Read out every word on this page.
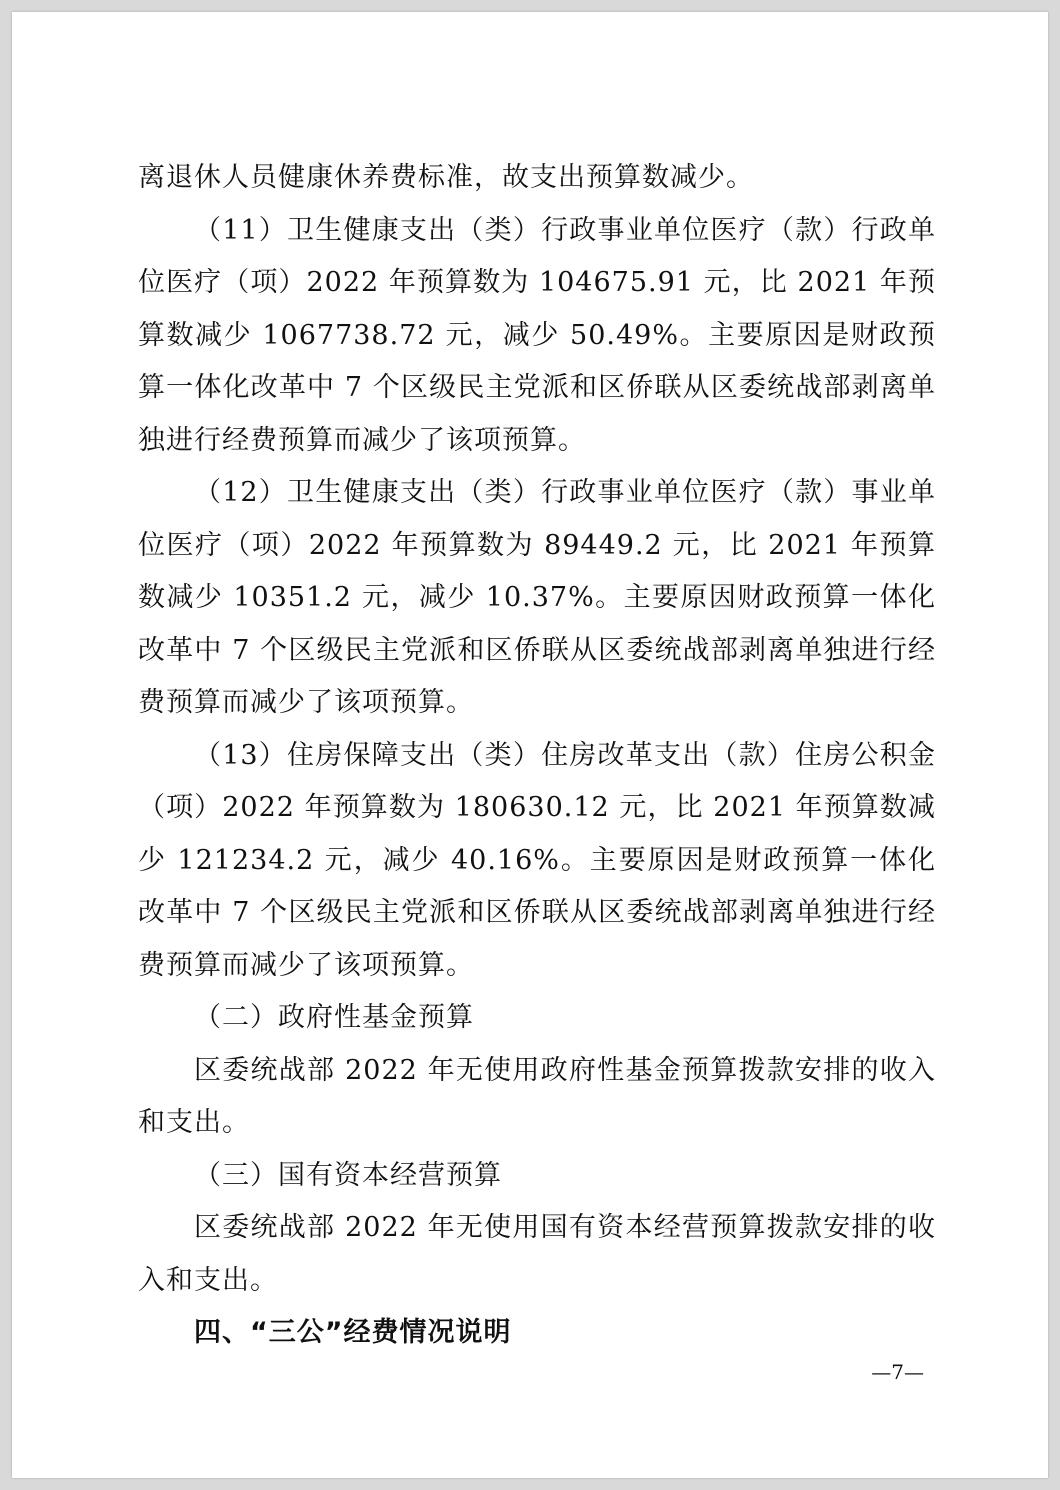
离退休人员健康休养费标准，故支出预算数减少。

（11）卫生健康支出（类）行政事业单位医疗（款）行政单位医疗（项）2022 年预算数为 104675.91 元，比 2021 年预算数减少 1067738.72 元，减少 50.49%。主要原因是财政预算一体化改革中 7 个区级民主党派和区侨联从区委统战部剥离单独进行经费预算而减少了该项预算。

（12）卫生健康支出（类）行政事业单位医疗（款）事业单位医疗（项）2022 年预算数为 89449.2 元，比 2021 年预算数减少 10351.2 元，减少 10.37%。主要原因财政预算一体化改革中 7 个区级民主党派和区侨联从区委统战部剥离单独进行经费预算而减少了该项预算。

（13）住房保障支出（类）住房改革支出（款）住房公积金（项）2022 年预算数为 180630.12 元，比 2021 年预算数减少 121234.2 元，减少 40.16%。主要原因是财政预算一体化改革中 7 个区级民主党派和区侨联从区委统战部剥离单独进行经费预算而减少了该项预算。

（二）政府性基金预算

区委统战部 2022 年无使用政府性基金预算拨款安排的收入和支出。

（三）国有资本经营预算

区委统战部 2022 年无使用国有资本经营预算拨款安排的收入和支出。

四、“三公”经费情况说明

—7—
